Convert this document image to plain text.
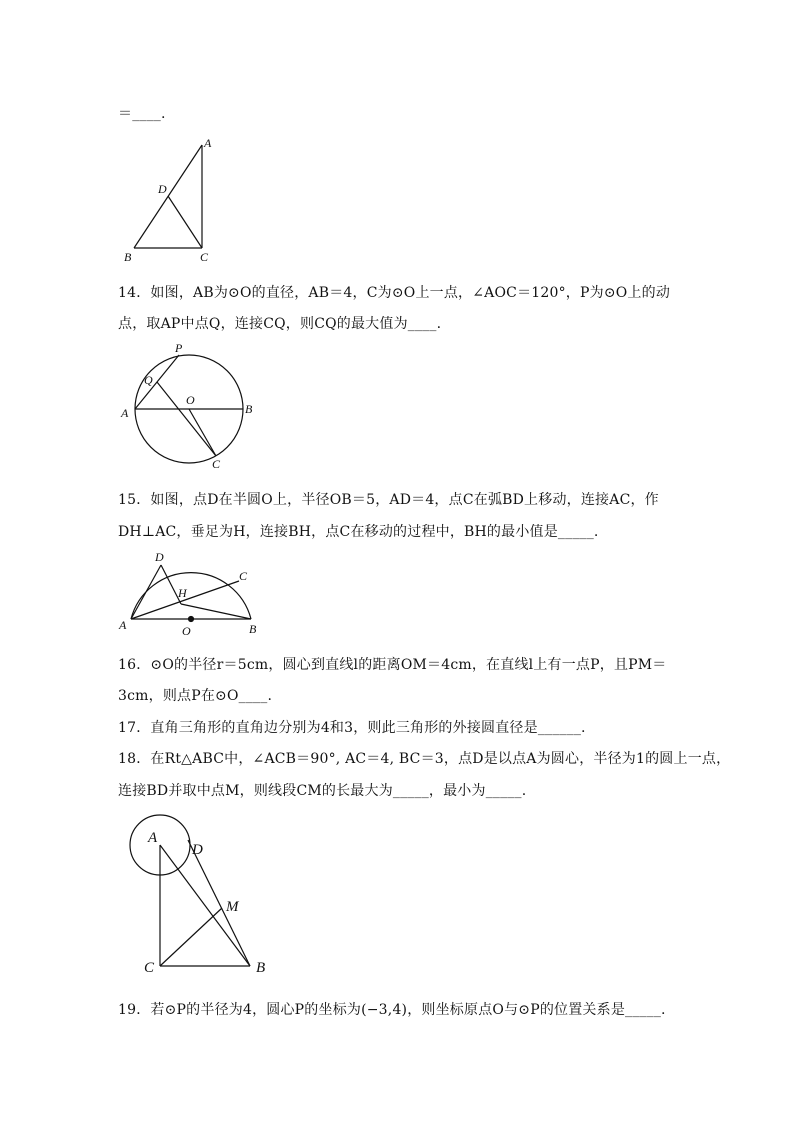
＝____.
A
D
B	C
14．如图，AB为⊙O的直径，AB＝4，C为⊙O上一点，∠AOC＝120°，P为⊙O上的动
点，取AP中点Q，连接CQ，则CQ的最大值为____.
P
Q
A
O
B
C
15．如图，点D在半圆O上，半径OB＝5，AD＝4，点C在弧BD上移动，连接AC，作
DH⊥AC，垂足为H，连接BH，点C在移动的过程中，BH的最小值是_____.
D
C
H
A	O	B
16．⊙O的半径r＝5cm，圆心到直线l的距离OM＝4cm，在直线l上有一点P，且PM＝
3cm，则点P在⊙O____.
17．直角三角形的直角边分别为4和3，则此三角形的外接圆直径是______.
18．在Rt△ABC中，∠ACB＝90°, AC＝4, BC＝3，点D是以点A为圆心，半径为1的圆上一点，
连接BD并取中点M，则线段CM的长最大为_____，最小为_____.
A
D
M
C	B
19．若⊙P的半径为4，圆心P的坐标为(−3,4)，则坐标原点O与⊙P的位置关系是_____.
